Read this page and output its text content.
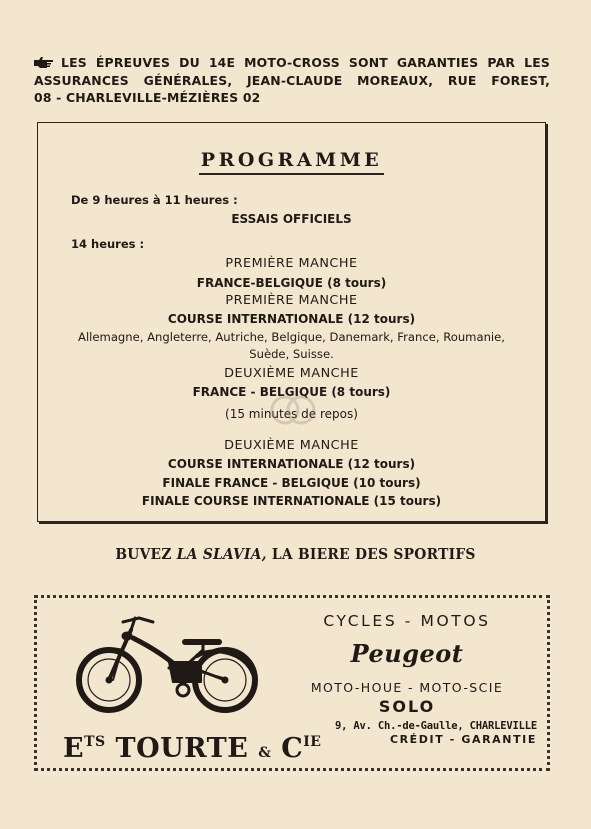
LES ÉPREUVES DU 14E MOTO-CROSS SONT GARANTIES PAR LES
ASSURANCES GÉNÉRALES, JEAN-CLAUDE MOREAUX, RUE FOREST,
08 - CHARLEVILLE-MÉZIÈRES 02
PROGRAMME
De 9 heures à 11 heures :
ESSAIS OFFICIELS
14 heures :
PREMIÈRE MANCHE
FRANCE-BELGIQUE (8 tours)
PREMIÈRE MANCHE
COURSE INTERNATIONALE (12 tours)
Allemagne, Angleterre, Autriche, Belgique, Danemark, France, Roumanie,
Suède, Suisse.
DEUXIÈME MANCHE
FRANCE - BELGIQUE (8 tours)
(15 minutes de repos)
DEUXIÈME MANCHE
COURSE INTERNATIONALE (12 tours)
FINALE FRANCE - BELGIQUE (10 tours)
FINALE COURSE INTERNATIONALE (15 tours)
BUVEZ LA SLAVIA, LA BIERE DES SPORTIFS
$E^{TS}$ TOURTE & $C^{IE}$
CYCLES - MOTOS
Peugeot
MOTO-HOUE - MOTO-SCIE
SOLO
9, Av. Ch.-de-Gaulle, CHARLEVILLE
CRÉDIT - GARANTIE
